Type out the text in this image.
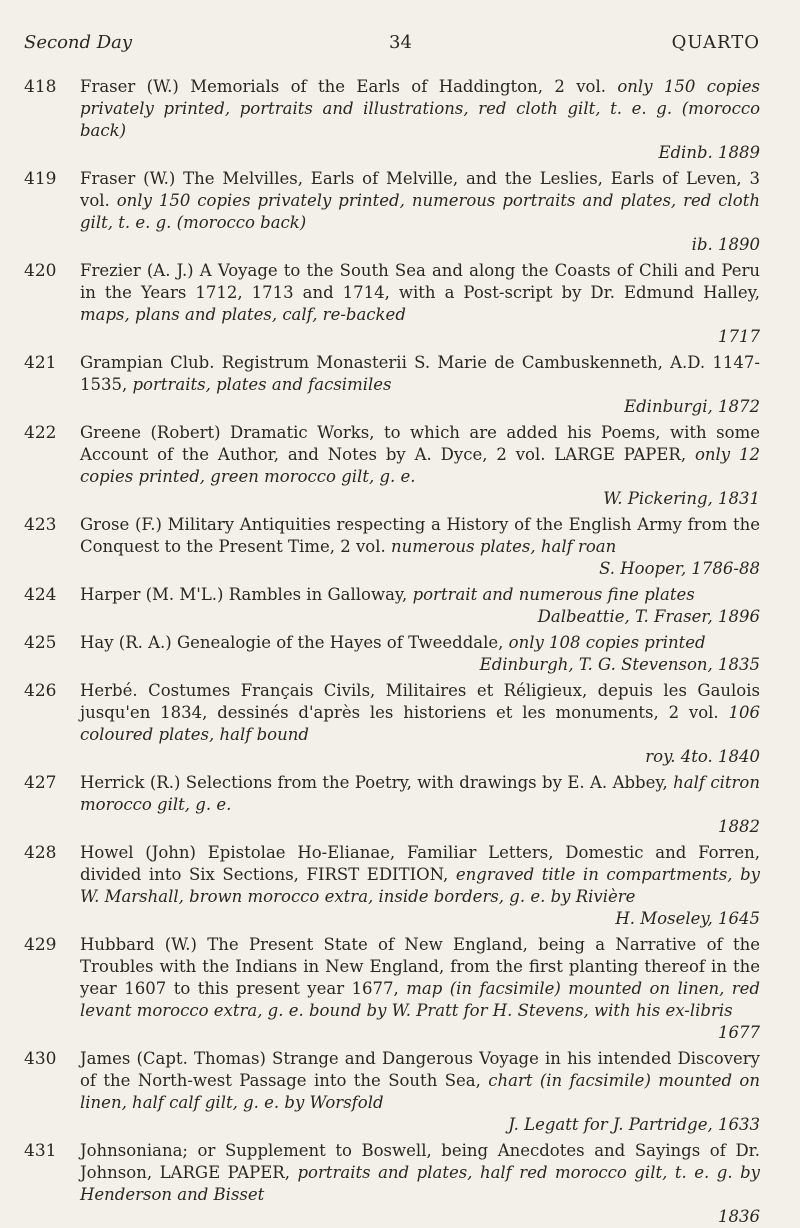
Second Day	34	QUARTO
418	Fraser (W.) Memorials of the Earls of Haddington, 2 vol. only 150 copies privately printed, portraits and illustrations, red cloth gilt, t. e. g. (morocco back)
Edinb. 1889
419	Fraser (W.) The Melvilles, Earls of Melville, and the Leslies, Earls of Leven, 3 vol. only 150 copies privately printed, numerous portraits and plates, red cloth gilt, t. e. g. (morocco back)
ib. 1890
420	Frezier (A. J.) A Voyage to the South Sea and along the Coasts of Chili and Peru in the Years 1712, 1713 and 1714, with a Post-script by Dr. Edmund Halley, maps, plans and plates, calf, re-backed
1717
421	Grampian Club. Registrum Monasterii S. Marie de Cambuskenneth, A.D. 1147-1535, portraits, plates and facsimiles
Edinburgi, 1872
422	Greene (Robert) Dramatic Works, to which are added his Poems, with some Account of the Author, and Notes by A. Dyce, 2 vol. LARGE PAPER, only 12 copies printed, green morocco gilt, g. e.
W. Pickering, 1831
423	Grose (F.) Military Antiquities respecting a History of the English Army from the Conquest to the Present Time, 2 vol. numerous plates, half roan
S. Hooper, 1786-88
424	Harper (M. M'L.) Rambles in Galloway, portrait and numerous fine plates
Dalbeattie, T. Fraser, 1896
425	Hay (R. A.) Genealogie of the Hayes of Tweeddale, only 108 copies printed
Edinburgh, T. G. Stevenson, 1835
426	Herbé. Costumes Français Civils, Militaires et Réligieux, depuis les Gaulois jusqu'en 1834, dessinés d'après les historiens et les monuments, 2 vol. 106 coloured plates, half bound
roy. 4to. 1840
427	Herrick (R.) Selections from the Poetry, with drawings by E. A. Abbey, half citron morocco gilt, g. e.
1882
428	Howel (John) Epistolae Ho-Elianae, Familiar Letters, Domestic and Forren, divided into Six Sections, FIRST EDITION, engraved title in compartments, by W. Marshall, brown morocco extra, inside borders, g. e. by Rivière
H. Moseley, 1645
429	Hubbard (W.) The Present State of New England, being a Narrative of the Troubles with the Indians in New England, from the first planting thereof in the year 1607 to this present year 1677, map (in facsimile) mounted on linen, red levant morocco extra, g. e. bound by W. Pratt for H. Stevens, with his ex-libris
1677
430	James (Capt. Thomas) Strange and Dangerous Voyage in his intended Discovery of the North-west Passage into the South Sea, chart (in facsimile) mounted on linen, half calf gilt, g. e. by Worsfold
J. Legatt for J. Partridge, 1633
431	Johnsoniana; or Supplement to Boswell, being Anecdotes and Sayings of Dr. Johnson, LARGE PAPER, portraits and plates, half red morocco gilt, t. e. g. by Henderson and Bisset
1836
